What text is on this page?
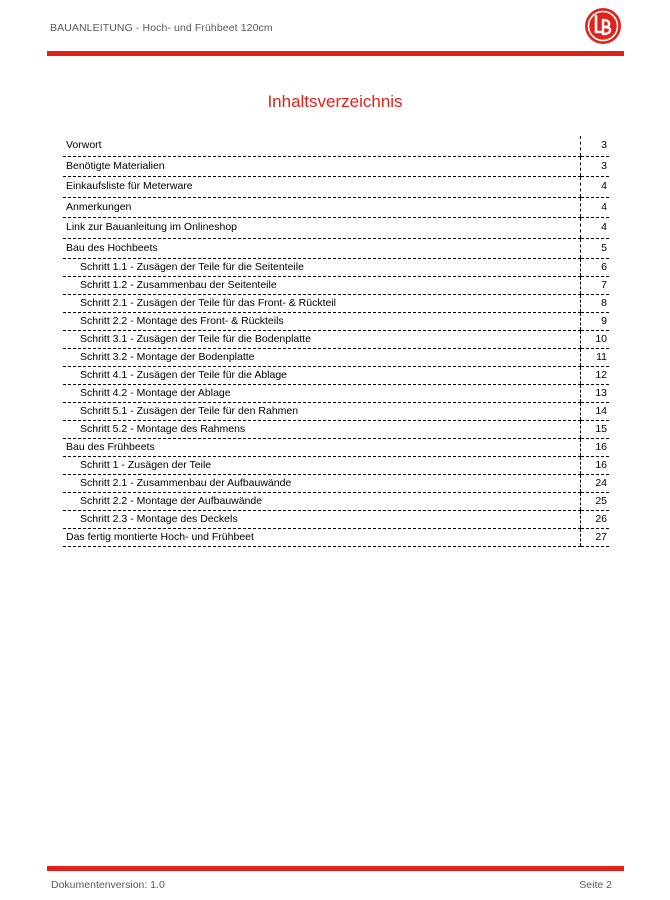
BAUANLEITUNG - Hoch- und Frühbeet 120cm
Inhaltsverzeichnis
Vorwort	3
Benötigte Materialien	3
Einkaufsliste für Meterware	4
Anmerkungen	4
Link zur Bauanleitung im Onlineshop	4
Bau des Hochbeets	5
Schritt 1.1 - Zusägen der Teile für die Seitenteile	6
Schritt 1.2 - Zusammenbau der Seitenteile	7
Schritt 2.1 - Zusägen der Teile für das Front- & Rückteil	8
Schritt 2.2 - Montage des Front- & Rückteils	9
Schritt 3.1 - Zusägen der Teile für die Bodenplatte	10
Schritt 3.2 - Montage der Bodenplatte	11
Schritt 4.1 - Zusägen der Teile für die Ablage	12
Schritt 4.2 - Montage der Ablage	13
Schritt 5.1 - Zusägen der Teile für den Rahmen	14
Schritt 5.2 - Montage des Rahmens	15
Bau des Frühbeets	16
Schritt 1 - Zusägen der Teile	16
Schritt 2.1 - Zusammenbau der Aufbauwände	24
Schritt 2.2 - Montage der Aufbauwände	25
Schritt 2.3 - Montage des Deckels	26
Das fertig montierte Hoch- und Frühbeet	27
Dokumentenversion: 1.0	Seite 2
